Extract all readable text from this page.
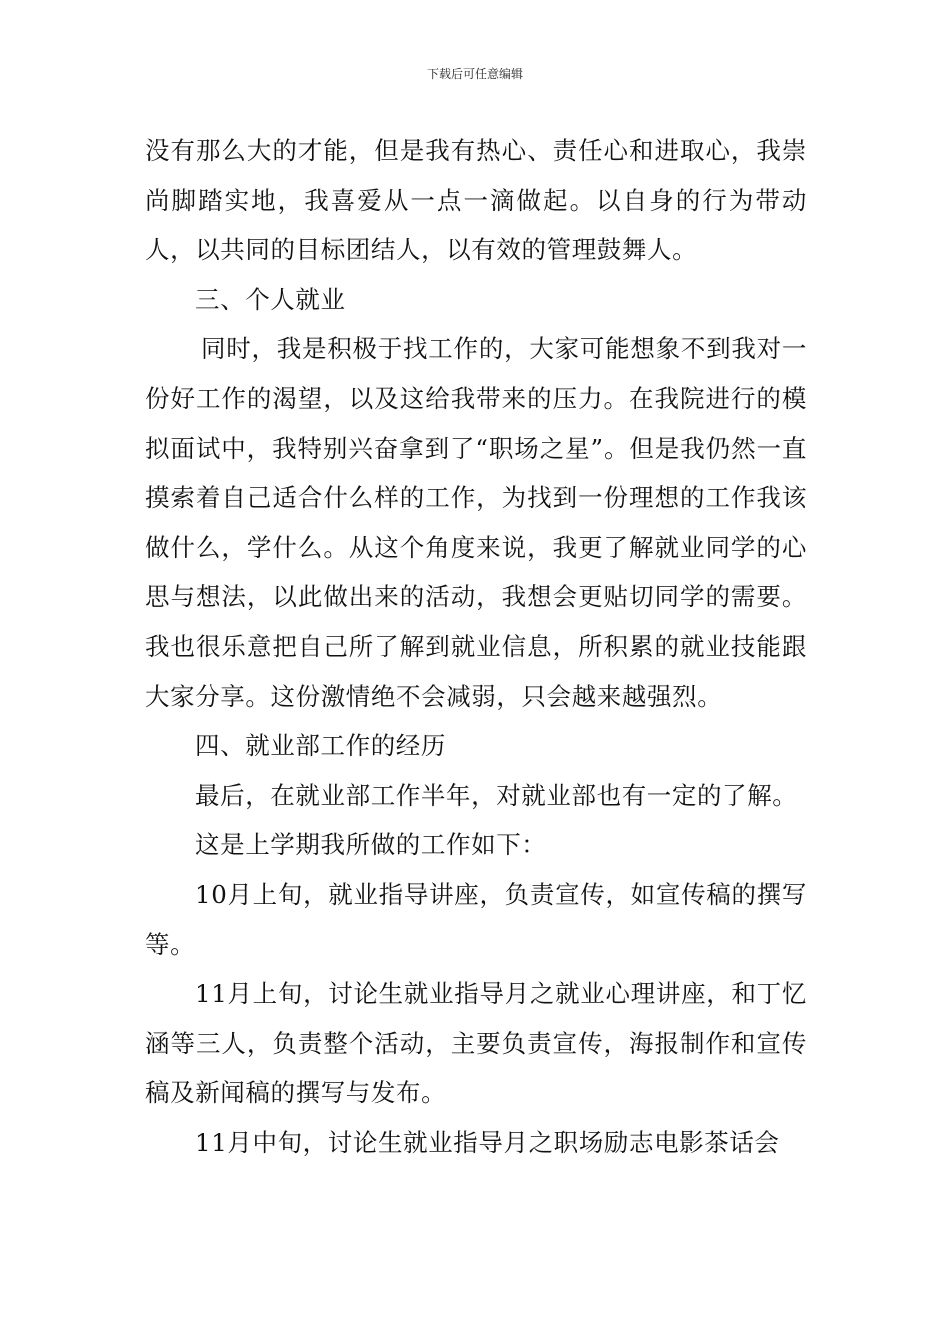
下载后可任意编辑

没有那么大的才能，但是我有热心、责任心和进取心，我崇尚脚踏实地，我喜爱从一点一滴做起。以自身的行为带动人，以共同的目标团结人，以有效的管理鼓舞人。

三、个人就业

同时，我是积极于找工作的，大家可能想象不到我对一份好工作的渴望，以及这给我带来的压力。在我院进行的模拟面试中，我特别兴奋拿到了“职场之星”。但是我仍然一直摸索着自己适合什么样的工作，为找到一份理想的工作我该做什么，学什么。从这个角度来说，我更了解就业同学的心思与想法，以此做出来的活动，我想会更贴切同学的需要。我也很乐意把自己所了解到就业信息，所积累的就业技能跟大家分享。这份激情绝不会减弱，只会越来越强烈。

四、就业部工作的经历

最后，在就业部工作半年，对就业部也有一定的了解。

这是上学期我所做的工作如下：

10月上旬，就业指导讲座，负责宣传，如宣传稿的撰写等。

11月上旬，讨论生就业指导月之就业心理讲座，和丁忆涵等三人，负责整个活动，主要负责宣传，海报制作和宣传稿及新闻稿的撰写与发布。

11月中旬，讨论生就业指导月之职场励志电影茶话会
